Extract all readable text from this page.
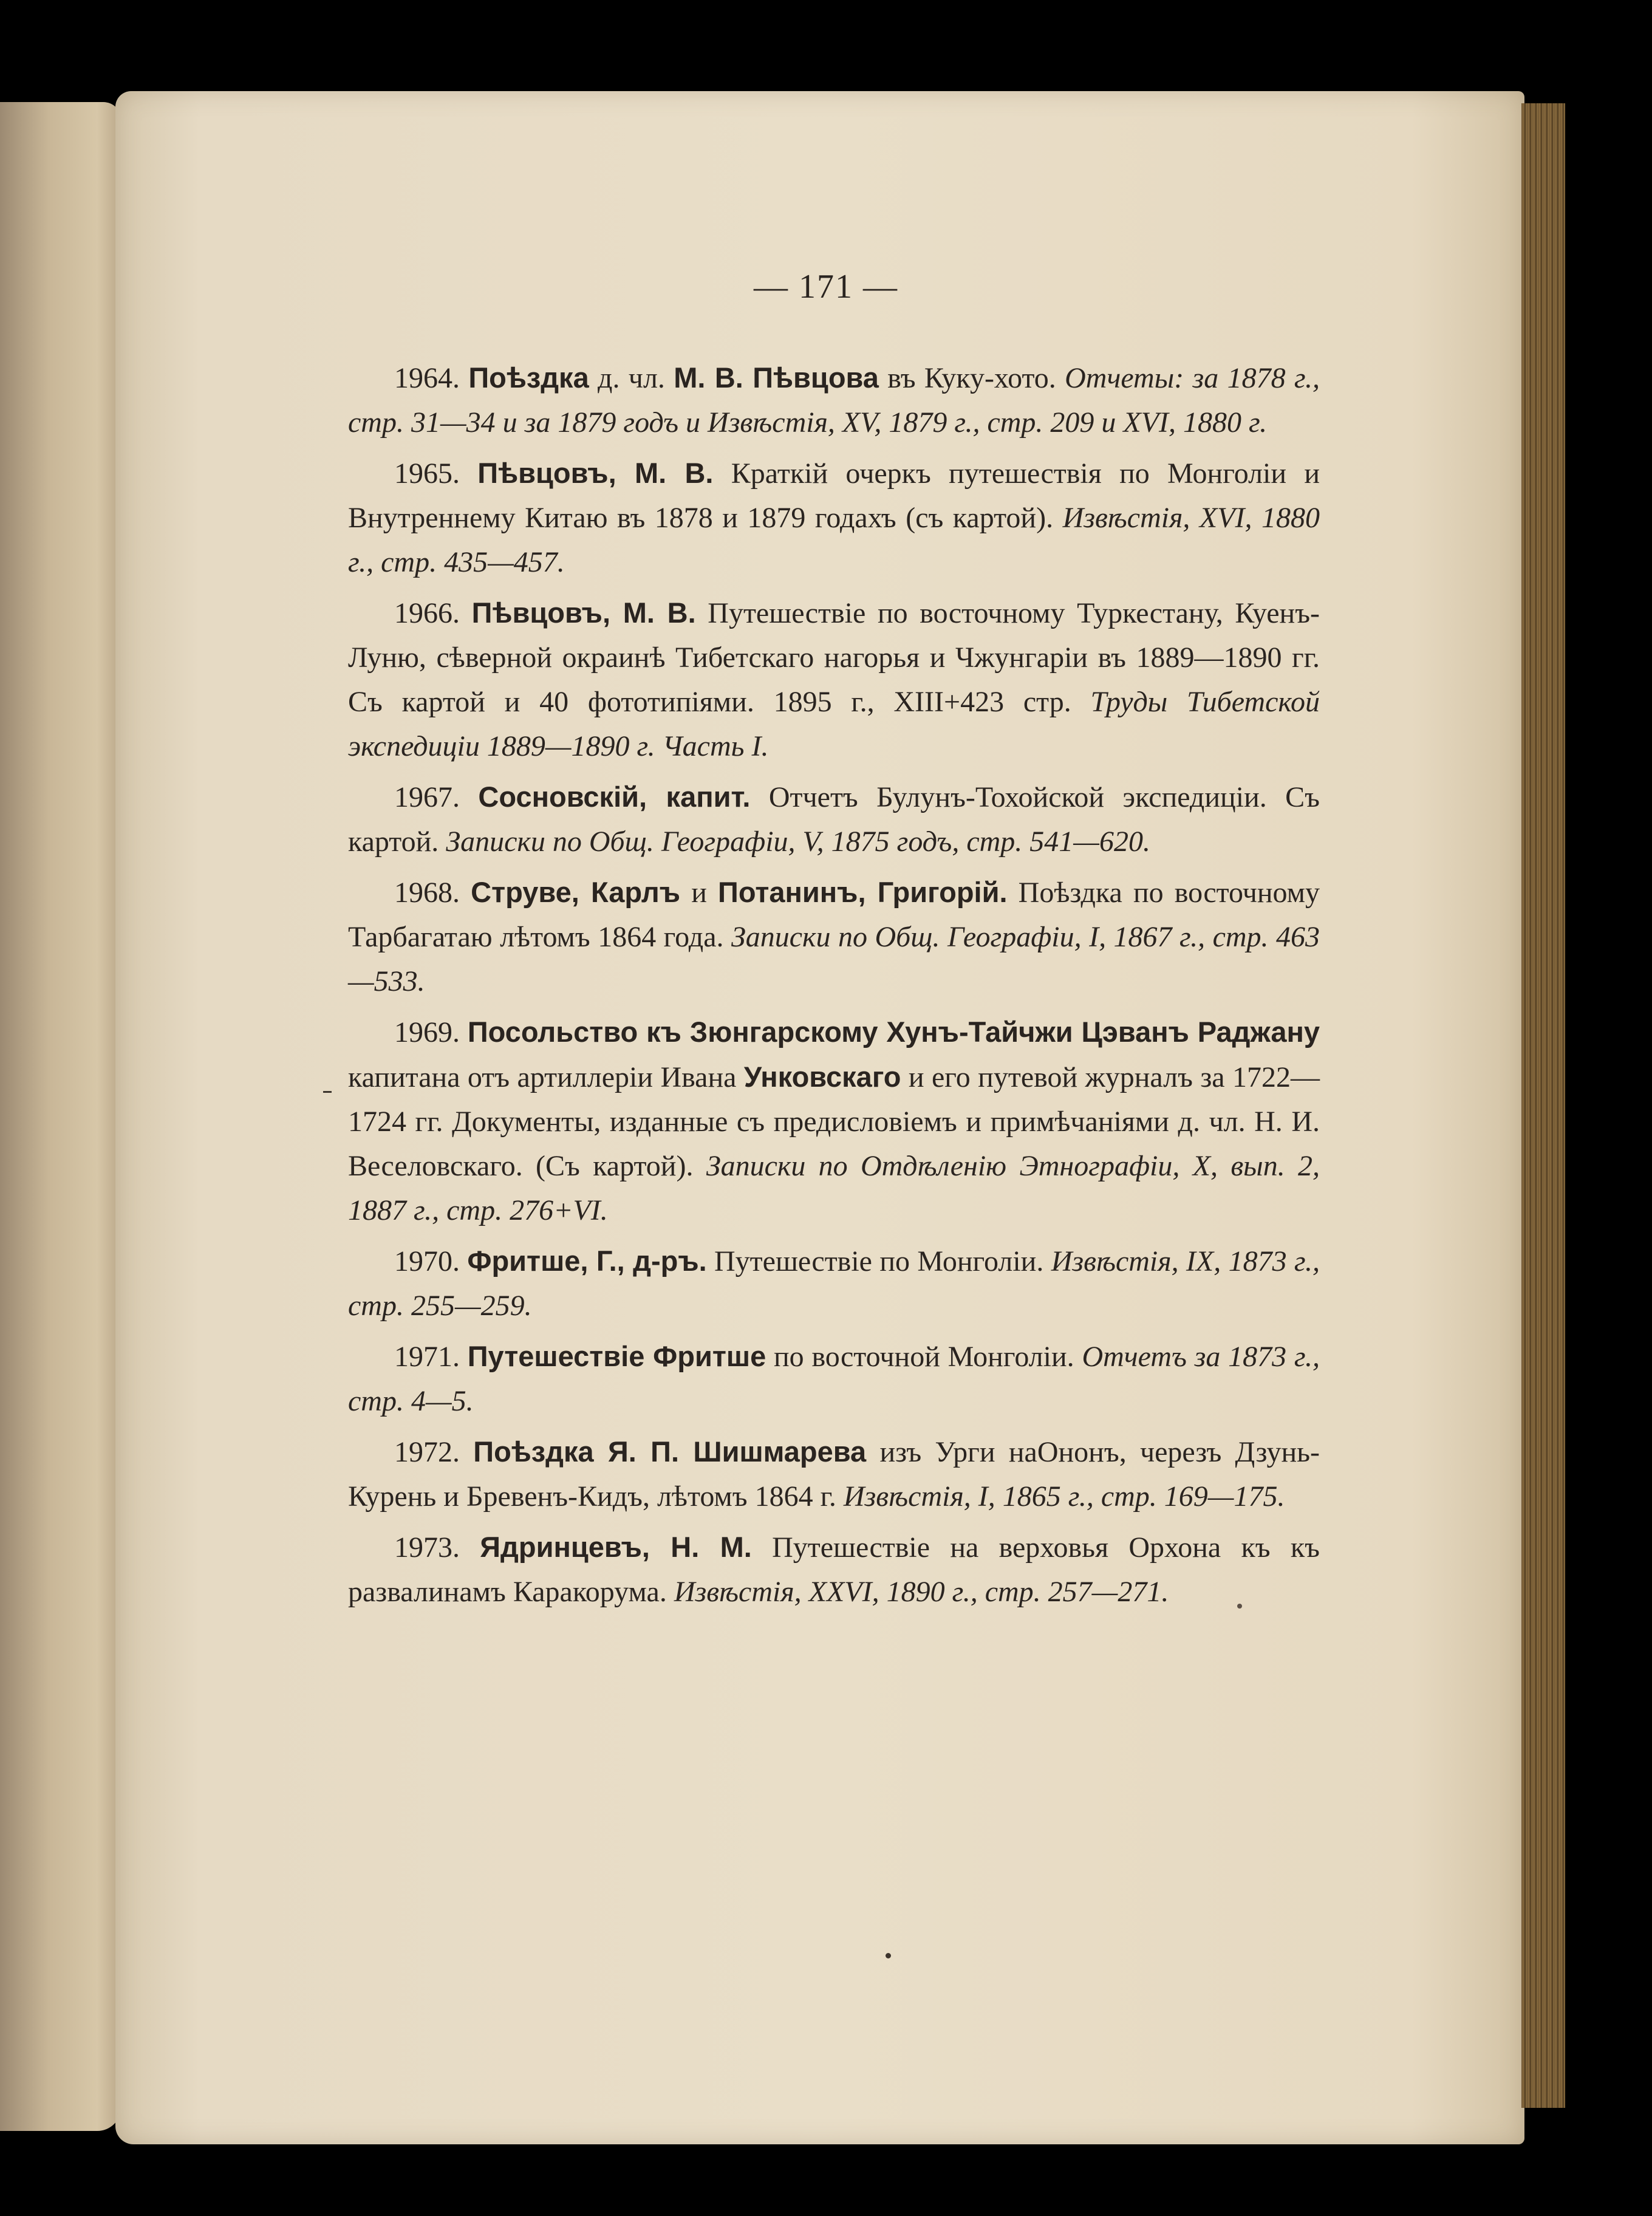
— 171 —

1964. Поѣздка д. чл. М. В. Пѣвцова въ Куку-хото. Отчеты: за 1878 г., стр. 31—34 и за 1879 годъ и Извѣстія, XV, 1879 г., стр. 209 и XVI, 1880 г.

1965. Пѣвцовъ, М. В. Краткій очеркъ путешествія по Монголіи и Внутреннему Китаю въ 1878 и 1879 годахъ (съ картой). Извѣстія, XVI, 1880 г., стр. 435—457.

1966. Пѣвцовъ, М. В. Путешествіе по восточному Туркестану, Куенъ-Луню, сѣверной окраинѣ Тибетскаго нагорья и Чжунгаріи въ 1889—1890 гг. Съ картой и 40 фототипіями. 1895 г., XIII+423 стр. Труды Тибетской экспедиціи 1889—1890 г. Часть I.

1967. Сосновскій, капит. Отчетъ Булунъ-Тохойской экспедиціи. Съ картой. Записки по Общ. Географіи, V, 1875 годъ, стр. 541—620.

1968. Струве, Карлъ и Потанинъ, Григорій. Поѣздка по восточному Тарбагатаю лѣтомъ 1864 года. Записки по Общ. Географіи, I, 1867 г., стр. 463—533.

1969. Посольство къ Зюнгарскому Хунъ-Тайчжи Цэванъ Раджану капитана отъ артиллеріи Ивана Унковскаго и его путевой журналъ за 1722—1724 гг. Документы, изданные съ предисловіемъ и примѣчаніями д. чл. Н. И. Веселовскаго. (Съ картой). Записки по Отдѣленію Этнографіи, X, вып. 2, 1887 г., стр. 276+VI.

1970. Фритше, Г., д-ръ. Путешествіе по Монголіи. Извѣстія, IX, 1873 г., стр. 255—259.

1971. Путешествіе Фритше по восточной Монголіи. Отчетъ за 1873 г., стр. 4—5.

1972. Поѣздка Я. П. Шишмарева изъ Урги наОнонъ, черезъ Дзунь-Курень и Бревенъ-Кидъ, лѣтомъ 1864 г. Извѣстія, I, 1865 г., стр. 169—175.

1973. Ядринцевъ, Н. М. Путешествіе на верховья Орхона къ къ развалинамъ Каракорума. Извѣстія, XXVI, 1890 г., стр. 257—271.
